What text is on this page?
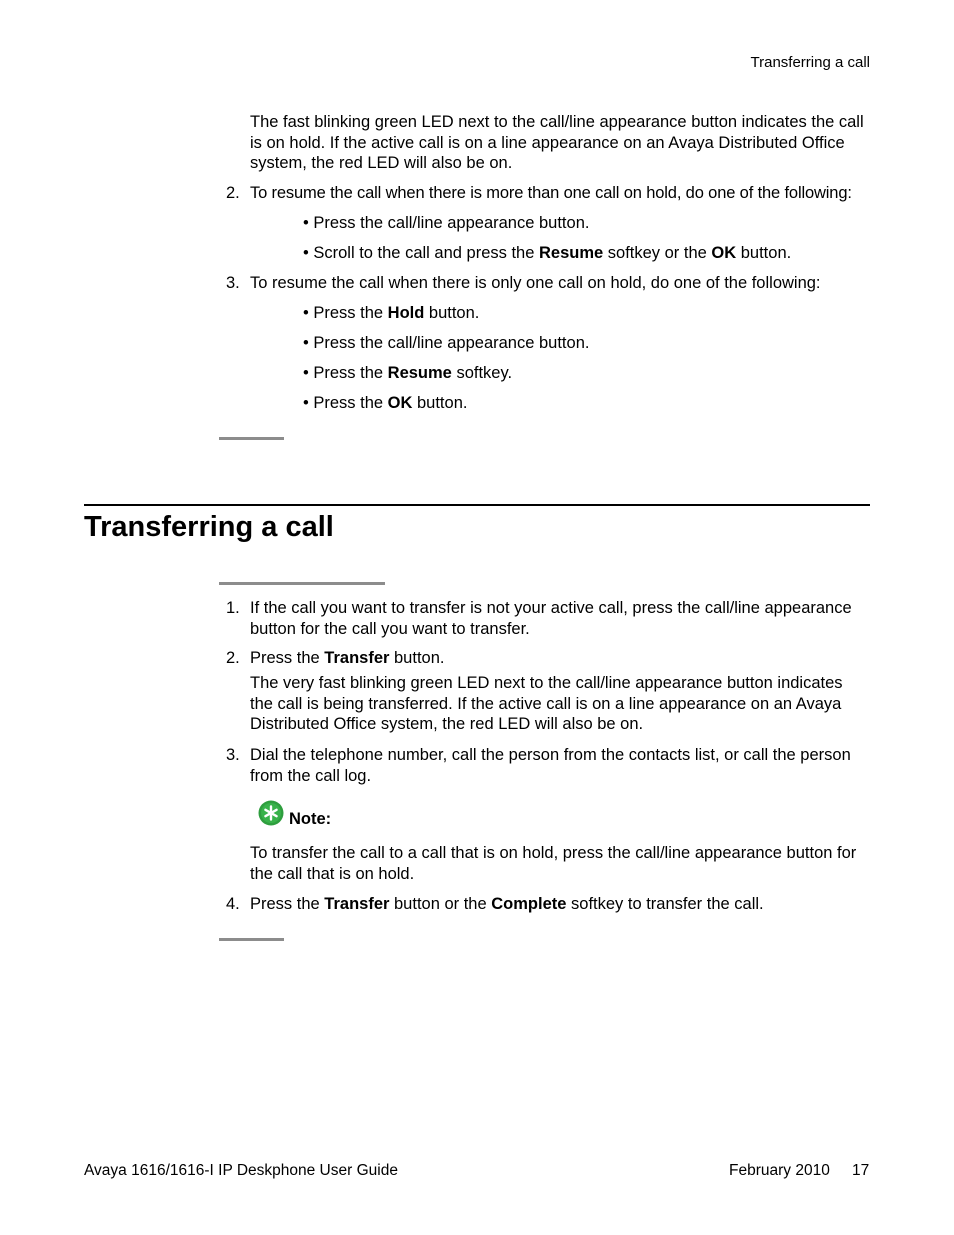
Transferring a call
The fast blinking green LED next to the call/line appearance button indicates the call is on hold. If the active call is on a line appearance on an Avaya Distributed Office system, the red LED will also be on.
2. To resume the call when there is more than one call on hold, do one of the following:
• Press the call/line appearance button.
• Scroll to the call and press the Resume softkey or the OK button.
3. To resume the call when there is only one call on hold, do one of the following:
• Press the Hold button.
• Press the call/line appearance button.
• Press the Resume softkey.
• Press the OK button.
Transferring a call
1. If the call you want to transfer is not your active call, press the call/line appearance button for the call you want to transfer.
2. Press the Transfer button.
The very fast blinking green LED next to the call/line appearance button indicates the call is being transferred. If the active call is on a line appearance on an Avaya Distributed Office system, the red LED will also be on.
3. Dial the telephone number, call the person from the contacts list, or call the person from the call log.
Note:
To transfer the call to a call that is on hold, press the call/line appearance button for the call that is on hold.
4. Press the Transfer button or the Complete softkey to transfer the call.
Avaya 1616/1616-I IP Deskphone User Guide	February 2010 17
